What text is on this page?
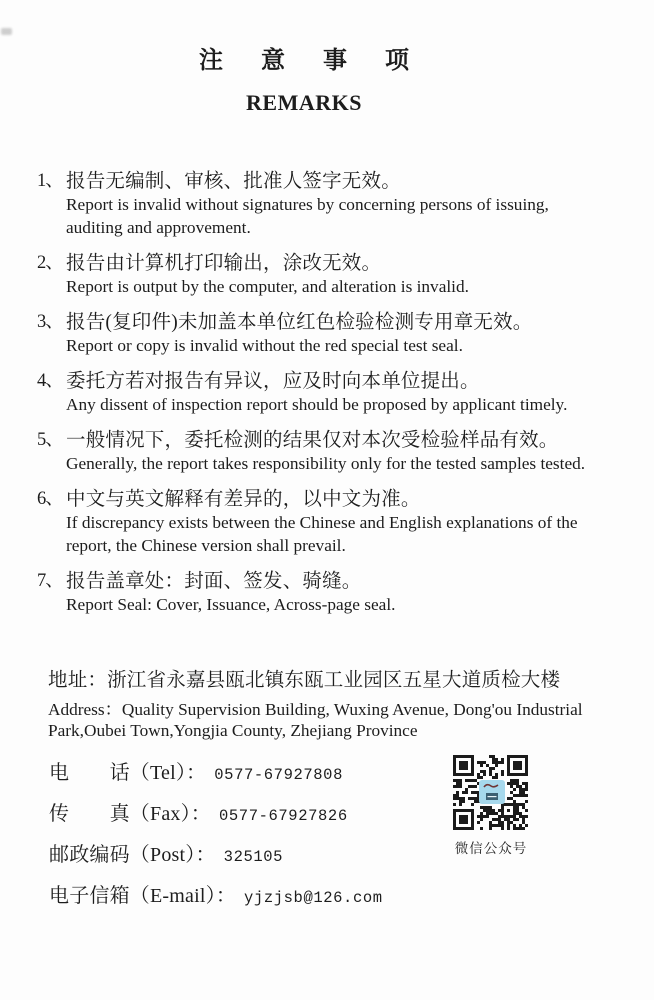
注意事项
REMARKS
1、 报告无编制、审核、批准人签字无效。
Report is invalid without signatures by concerning persons of issuing,
auditing and approvement.
2、 报告由计算机打印输出，涂改无效。
Report is output by the computer, and alteration is invalid.
3、 报告(复印件)未加盖本单位红色检验检测专用章无效。
Report or copy is invalid without the red special test seal.
4、 委托方若对报告有异议，应及时向本单位提出。
Any dissent of inspection report should be proposed by applicant timely.
5、 一般情况下，委托检测的结果仅对本次受检验样品有效。
Generally, the report takes responsibility only for the tested samples tested.
6、 中文与英文解释有差异的，以中文为准。
If discrepancy exists between the Chinese and English explanations of the
report, the Chinese version shall prevail.
7、 报告盖章处：封面、签发、骑缝。
Report Seal: Cover, Issuance, Across-page seal.
地址：浙江省永嘉县瓯北镇东瓯工业园区五星大道质检大楼
Address：Quality Supervision Building, Wuxing Avenue, Dong'ou Industrial
Park,Oubei Town,Yongjia County, Zhejiang Province
电　　话（Tel）： 0577-67927808
传　　真（Fax）： 0577-67927826
邮政编码（Post）： 325105
电子信箱（E-mail）： yjzjsb@126.com
微信公众号
